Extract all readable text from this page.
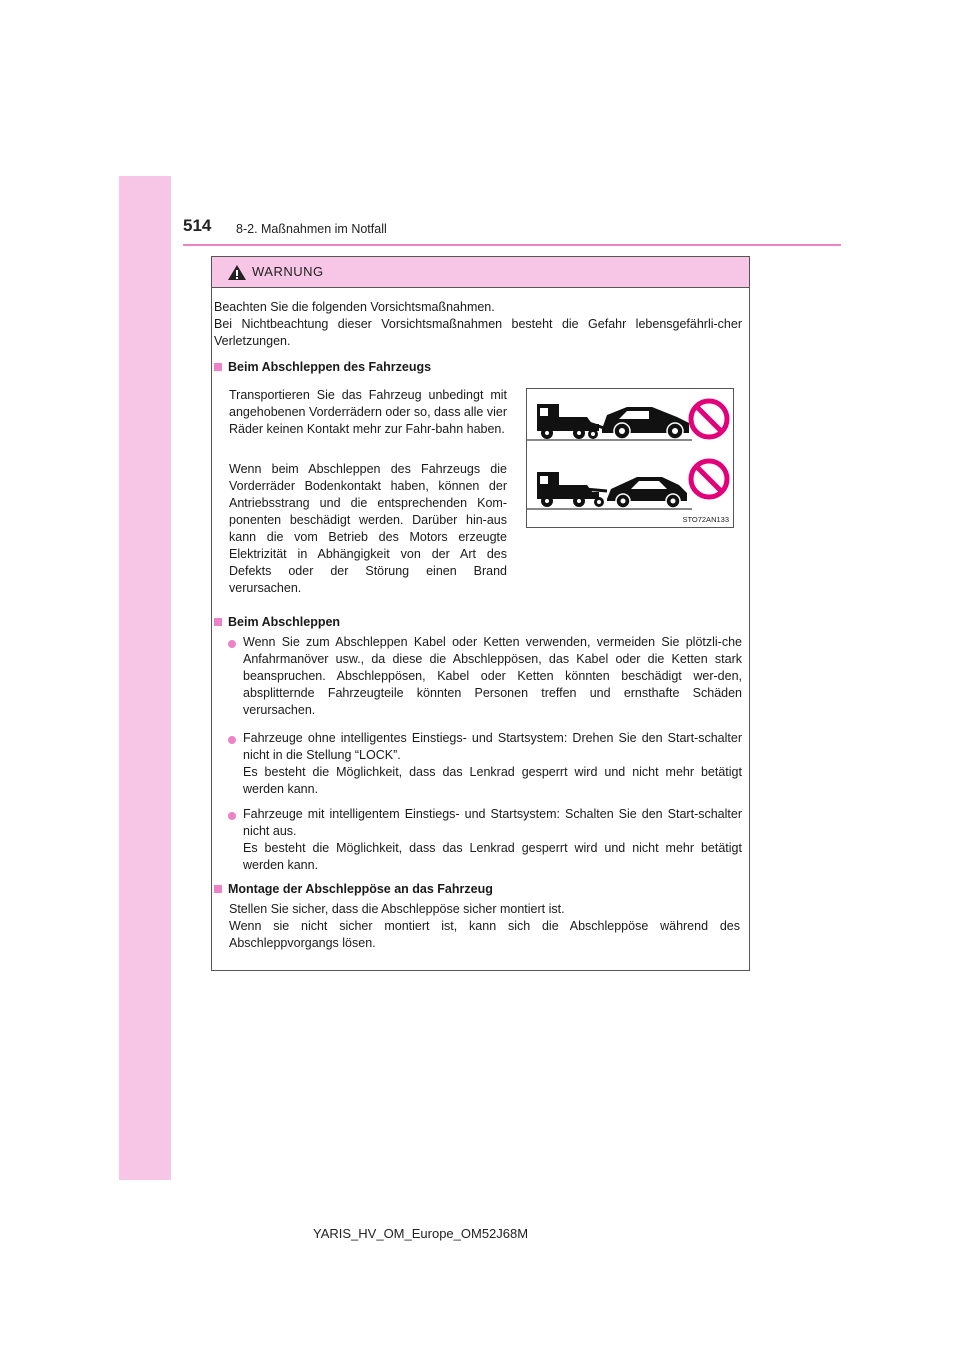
514 8-2. Maßnahmen im Notfall
WARNUNG

Beachten Sie die folgenden Vorsichtsmaßnahmen.

Bei Nichtbeachtung dieser Vorsichtsmaßnahmen besteht die Gefahr lebensgefährli-cher Verletzungen.

Beim Abschleppen des Fahrzeugs

Transportieren Sie das Fahrzeug unbedingt mit angehobenen Vorderrädern oder so, dass alle vier Räder keinen Kontakt mehr zur Fahr-bahn haben.

Wenn beim Abschleppen des Fahrzeugs die Vorderräder Bodenkontakt haben, können der Antriebsstrang und die entsprechenden Kom-ponenten beschädigt werden. Darüber hin-aus kann die vom Betrieb des Motors erzeugte Elektrizität in Abhängigkeit von der Art des Defekts oder der Störung einen Brand verursachen.

Beim Abschleppen

Wenn Sie zum Abschleppen Kabel oder Ketten verwenden, vermeiden Sie plötzli-che Anfahrmanöver usw., da diese die Abschleppösen, das Kabel oder die Ketten stark beanspruchen. Abschleppösen, Kabel oder Ketten könnten beschädigt wer-den, absplitternde Fahrzeugteile könnten Personen treffen und ernsthafte Schäden verursachen.

Fahrzeuge ohne intelligentes Einstiegs- und Startsystem: Drehen Sie den Start-schalter nicht in die Stellung “LOCK”.

Es besteht die Möglichkeit, dass das Lenkrad gesperrt wird und nicht mehr betätigt werden kann.

Fahrzeuge mit intelligentem Einstiegs- und Startsystem: Schalten Sie den Start-schalter nicht aus.

Es besteht die Möglichkeit, dass das Lenkrad gesperrt wird und nicht mehr betätigt werden kann.

Montage der Abschleppöse an das Fahrzeug

Stellen Sie sicher, dass die Abschleppöse sicher montiert ist.

Wenn sie nicht sicher montiert ist, kann sich die Abschleppöse während des Abschleppvorgangs lösen.

STO72AN133
YARIS_HV_OM_Europe_OM52J68M
